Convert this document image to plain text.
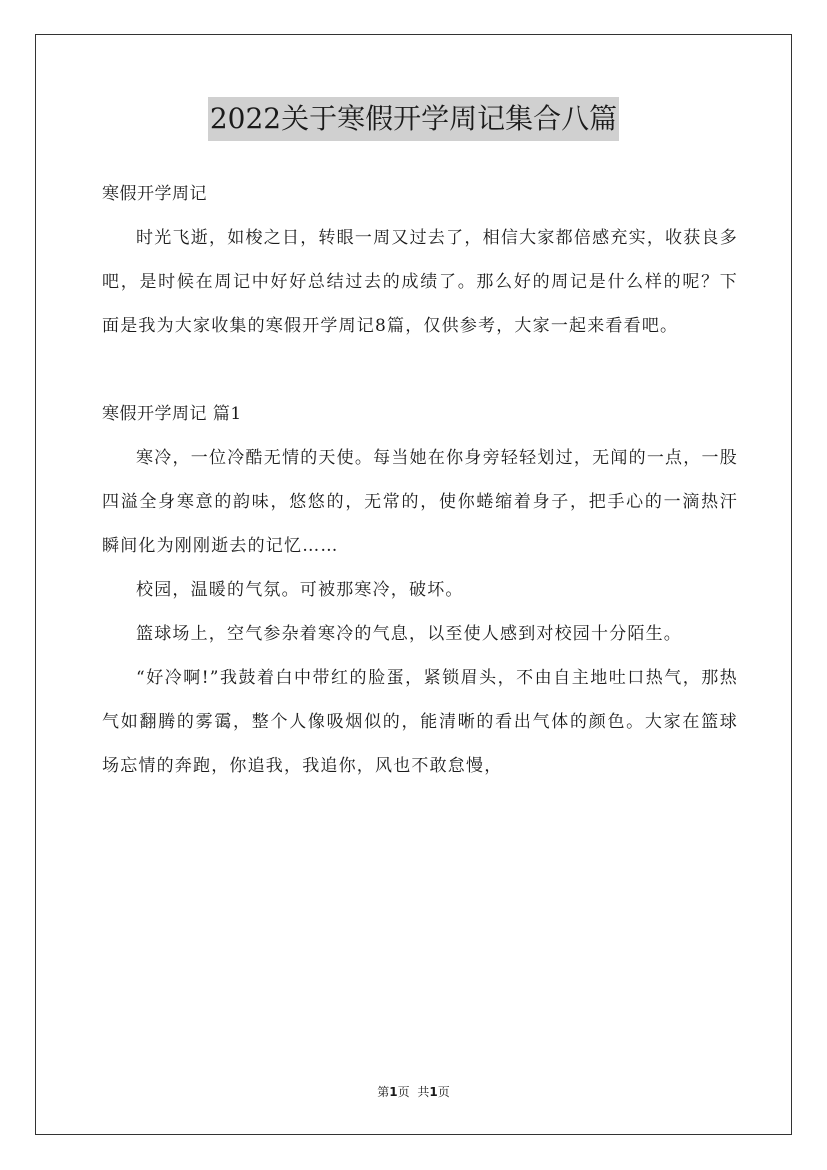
2022关于寒假开学周记集合八篇

寒假开学周记

时光飞逝，如梭之日，转眼一周又过去了，相信大家都倍感充实，收获良多吧，是时候在周记中好好总结过去的成绩了。那么好的周记是什么样的呢？下面是我为大家收集的寒假开学周记8篇，仅供参考，大家一起来看看吧。

寒假开学周记 篇1

寒冷，一位冷酷无情的天使。每当她在你身旁轻轻划过，无闻的一点，一股四溢全身寒意的韵味，悠悠的，无常的，使你蜷缩着身子，把手心的一滴热汗瞬间化为刚刚逝去的记忆……

校园，温暖的气氛。可被那寒冷，破坏。

篮球场上，空气参杂着寒冷的气息，以至使人感到对校园十分陌生。

“好冷啊!”我鼓着白中带红的脸蛋，紧锁眉头，不由自主地吐口热气，那热气如翻腾的雾霭，整个人像吸烟似的，能清晰的看出气体的颜色。大家在篮球场忘情的奔跑，你追我，我追你，风也不敢怠慢，

第1页 共1页
